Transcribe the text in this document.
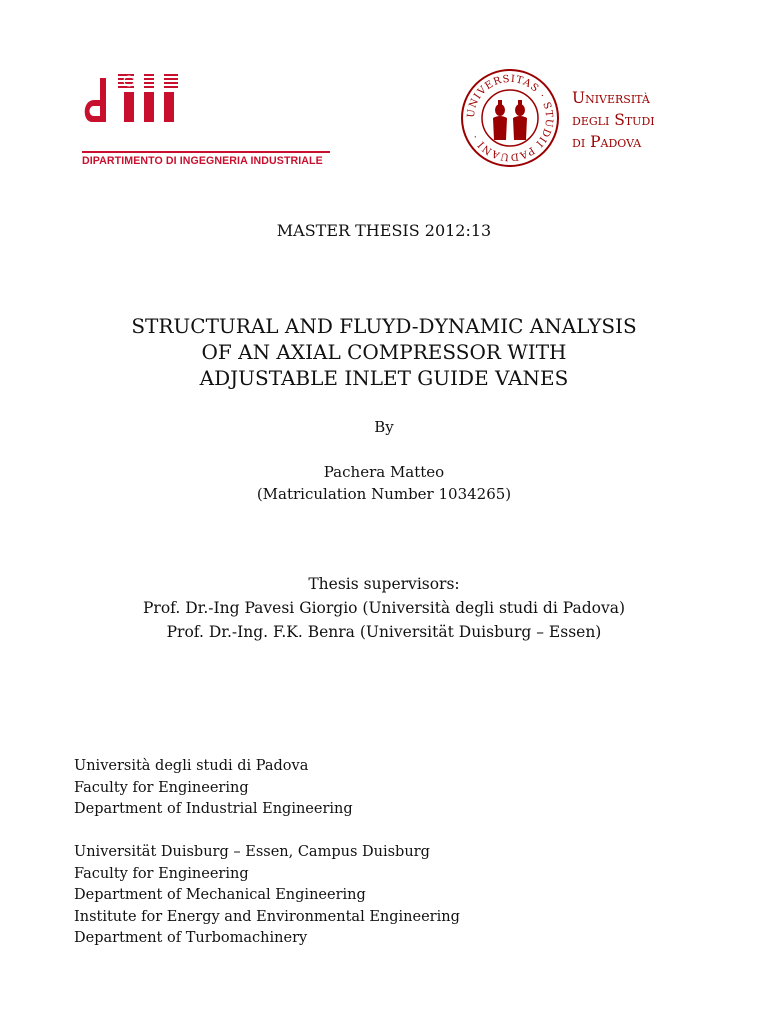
DIPARTIMENTO DI INGEGNERIA INDUSTRIALE
UNIVERSITAS · STUDII PADUANI ·
Università
degli Studi
di Padova
MASTER THESIS 2012:13
STRUCTURAL AND FLUYD-DYNAMIC ANALYSIS
OF AN AXIAL COMPRESSOR WITH
ADJUSTABLE INLET GUIDE VANES
By
Pachera Matteo
(Matriculation Number 1034265)
Thesis supervisors:
Prof. Dr.-Ing Pavesi Giorgio (Università degli studi di Padova)
Prof. Dr.-Ing. F.K. Benra (Universität Duisburg – Essen)
Università degli studi di Padova
Faculty for Engineering
Department of Industrial Engineering
Universität Duisburg – Essen, Campus Duisburg
Faculty for Engineering
Department of Mechanical Engineering
Institute for Energy and Environmental Engineering
Department of Turbomachinery
